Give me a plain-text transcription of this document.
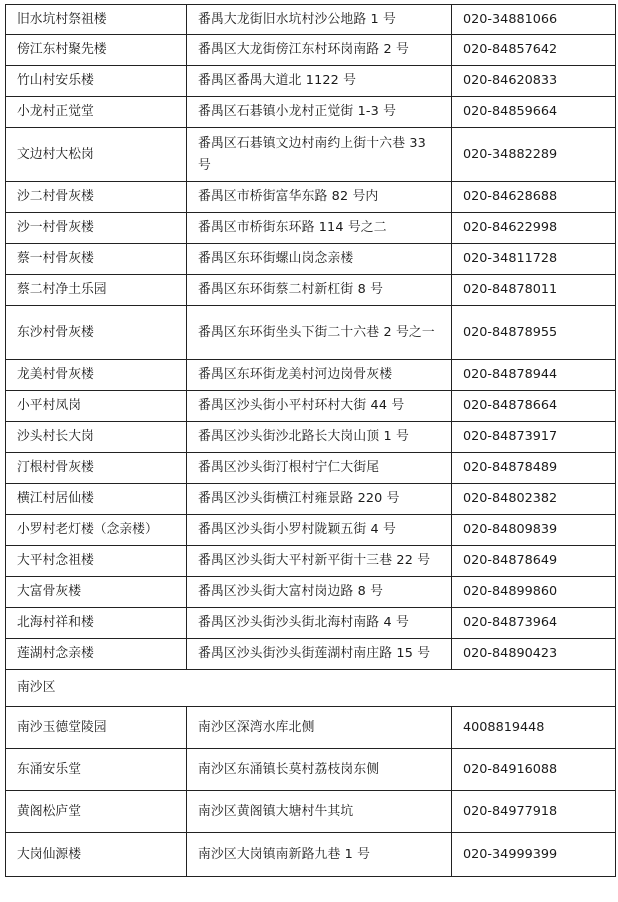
旧水坑村祭祖楼	番禺大龙街旧水坑村沙公地路 1 号	020-34881066
傍江东村聚先楼	番禺区大龙街傍江东村环岗南路 2 号	020-84857642
竹山村安乐楼	番禺区番禺大道北 1122 号	020-84620833
小龙村正觉堂	番禺区石碁镇小龙村正觉街 1-3 号	020-84859664
文边村大松岗	番禺区石碁镇文边村南约上街十六巷 33 号	020-34882289
沙二村骨灰楼	番禺区市桥街富华东路 82 号内	020-84628688
沙一村骨灰楼	番禺区市桥街东环路 114 号之二	020-84622998
蔡一村骨灰楼	番禺区东环街螺山岗念亲楼	020-34811728
蔡二村净土乐园	番禺区东环街蔡二村新杠街 8 号	020-84878011
东沙村骨灰楼	番禺区东环街坐头下街二十六巷 2 号之一	020-84878955
龙美村骨灰楼	番禺区东环街龙美村河边岗骨灰楼	020-84878944
小平村凤岗	番禺区沙头街小平村环村大街 44 号	020-84878664
沙头村长大岗	番禺区沙头街沙北路长大岗山顶 1 号	020-84873917
汀根村骨灰楼	番禺区沙头街汀根村宁仁大街尾	020-84878489
横江村居仙楼	番禺区沙头街横江村雍景路 220 号	020-84802382
小罗村老灯楼（念亲楼）	番禺区沙头街小罗村陇颖五街 4 号	020-84809839
大平村念祖楼	番禺区沙头街大平村新平街十三巷 22 号	020-84878649
大富骨灰楼	番禺区沙头街大富村岗边路 8 号	020-84899860
北海村祥和楼	番禺区沙头街沙头街北海村南路 4 号	020-84873964
莲湖村念亲楼	番禺区沙头街沙头街莲湖村南庄路 15 号	020-84890423
南沙区		
南沙玉德堂陵园	南沙区深湾水库北侧	4008819448
东涌安乐堂	南沙区东涌镇长莫村荔枝岗东侧	020-84916088
黄阁松庐堂	南沙区黄阁镇大塘村牛其坑	020-84977918
大岗仙源楼	南沙区大岗镇南新路九巷 1 号	020-34999399
